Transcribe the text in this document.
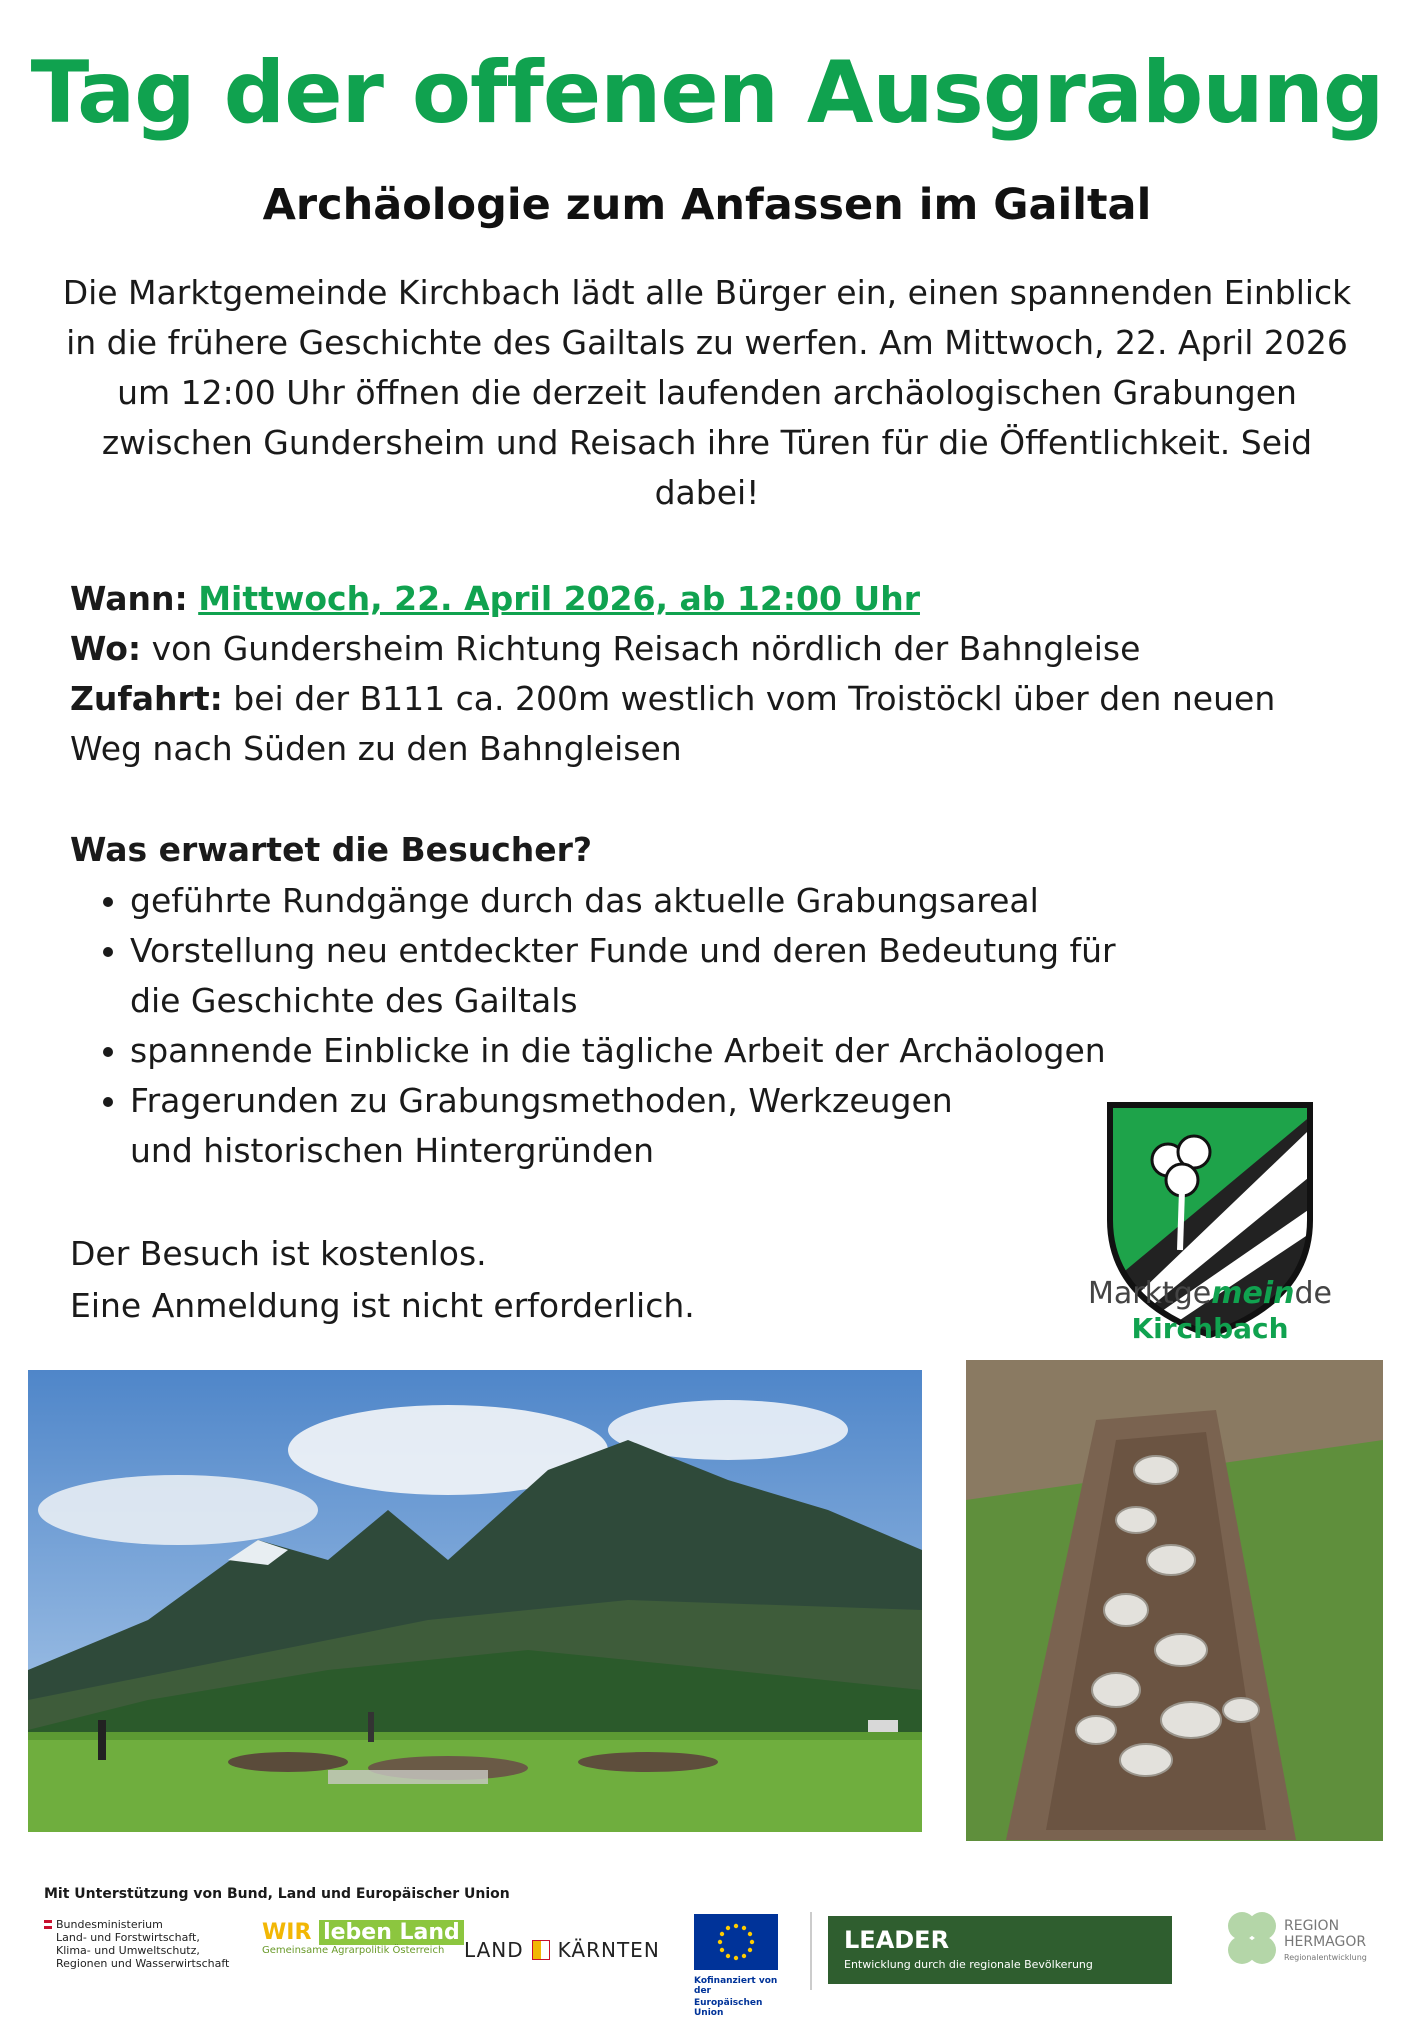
Tag der offenen Ausgrabung
Archäologie zum Anfassen im Gailtal
Die Marktgemeinde Kirchbach lädt alle Bürger ein, einen spannenden Einblick in die frühere Geschichte des Gailtals zu werfen. Am Mittwoch, 22. April 2026 um 12:00 Uhr öffnen die derzeit laufenden archäologischen Grabungen zwischen Gundersheim und Reisach ihre Türen für die Öffentlichkeit. Seid dabei!
Wann: Mittwoch, 22. April 2026, ab 12:00 Uhr
Wo: von Gundersheim Richtung Reisach nördlich der Bahngleise
Zufahrt: bei der B111 ca. 200m westlich vom Troistöckl über den neuen Weg nach Süden zu den Bahngleisen
Was erwartet die Besucher?
• geführte Rundgänge durch das aktuelle Grabungsareal
• Vorstellung neu entdeckter Funde und deren Bedeutung für die Geschichte des Gailtals
• spannende Einblicke in die tägliche Arbeit der Archäologen
• Fragerunden zu Grabungsmethoden, Werkzeugen und historischen Hintergründen
Der Besuch ist kostenlos.
Eine Anmeldung ist nicht erforderlich.	Marktgemeinde
Kirchbach
Mit Unterstützung von Bund, Land und Europäischer Union
Bundesministerium
Land- und Forstwirtschaft,
Klima- und Umweltschutz,
Regionen und Wasserwirtschaft
WIR leben Land
Gemeinsame Agrarpolitik Österreich LAND KÄRNTEN
Kofinanziert von der
Europäischen Union
LEADER
Entwicklung durch die regionale Bevölkerung
REGION
HERMAGOR
Regionalentwicklung
